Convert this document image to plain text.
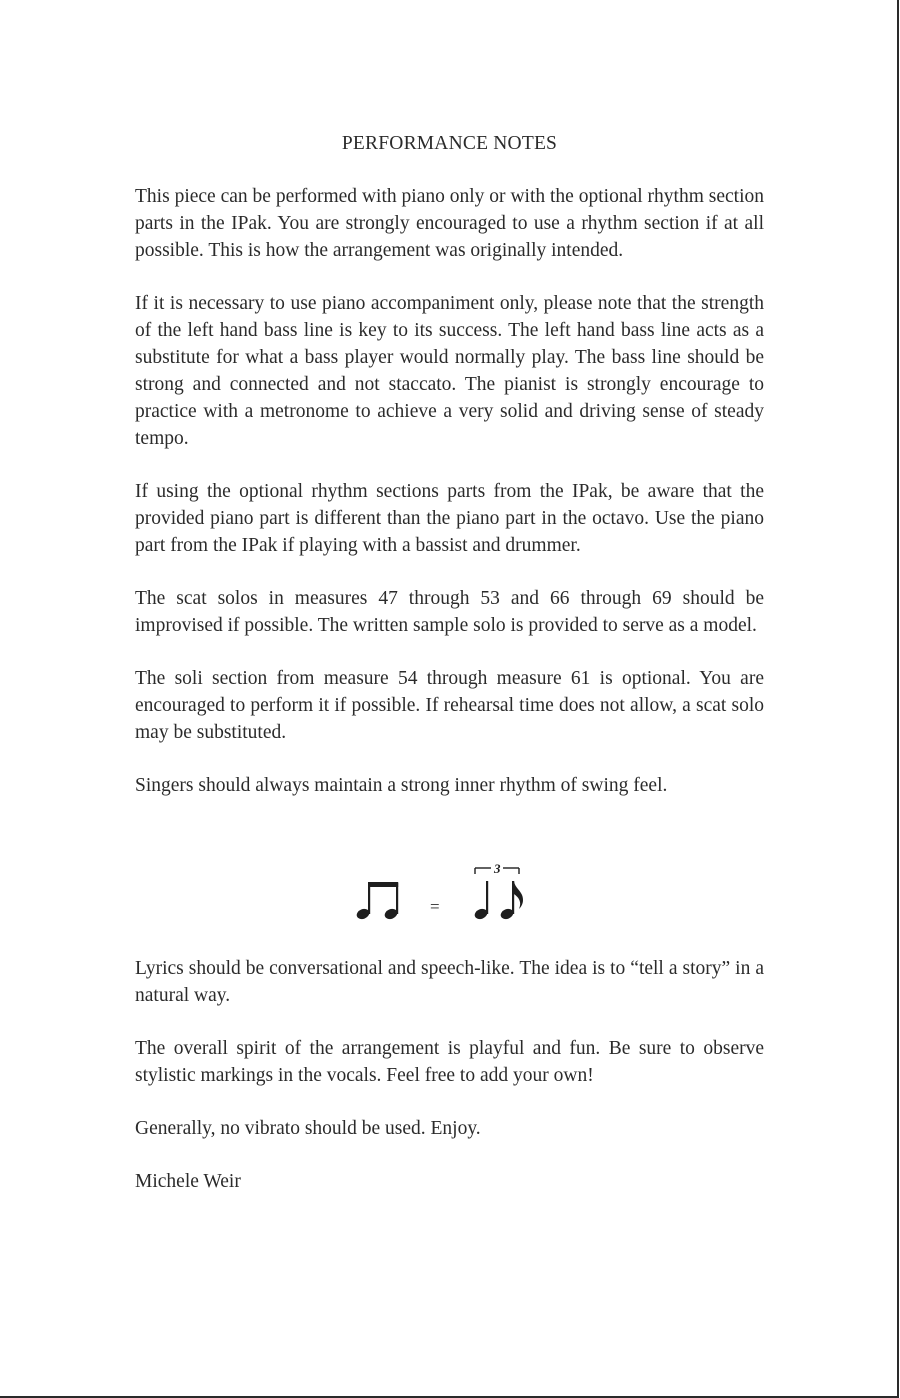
PERFORMANCE NOTES

This piece can be performed with piano only or with the optional rhythm section parts in the IPak. You are strongly encouraged to use a rhythm section if at all possible. This is how the arrangement was originally intended.

If it is necessary to use piano accompaniment only, please note that the strength of the left hand bass line is key to its success. The left hand bass line acts as a substitute for what a bass player would normally play. The bass line should be strong and connected and not staccato. The pianist is strongly encourage to practice with a metronome to achieve a very solid and driving sense of steady tempo.

If using the optional rhythm sections parts from the IPak, be aware that the provided piano part is different than the piano part in the octavo. Use the piano part from the IPak if playing with a bassist and drummer.

The scat solos in measures 47 through 53 and 66 through 69 should be improvised if possible. The written sample solo is provided to serve as a model.

The soli section from measure 54 through measure 61 is optional. You are encouraged to perform it if possible. If rehearsal time does not allow, a scat solo may be substituted.

Singers should always maintain a strong inner rhythm of swing feel.

=
3

Lyrics should be conversational and speech-like. The idea is to “tell a story” in a natural way.

The overall spirit of the arrangement is playful and fun. Be sure to observe stylistic markings in the vocals. Feel free to add your own!

Generally, no vibrato should be used. Enjoy.

Michele Weir
